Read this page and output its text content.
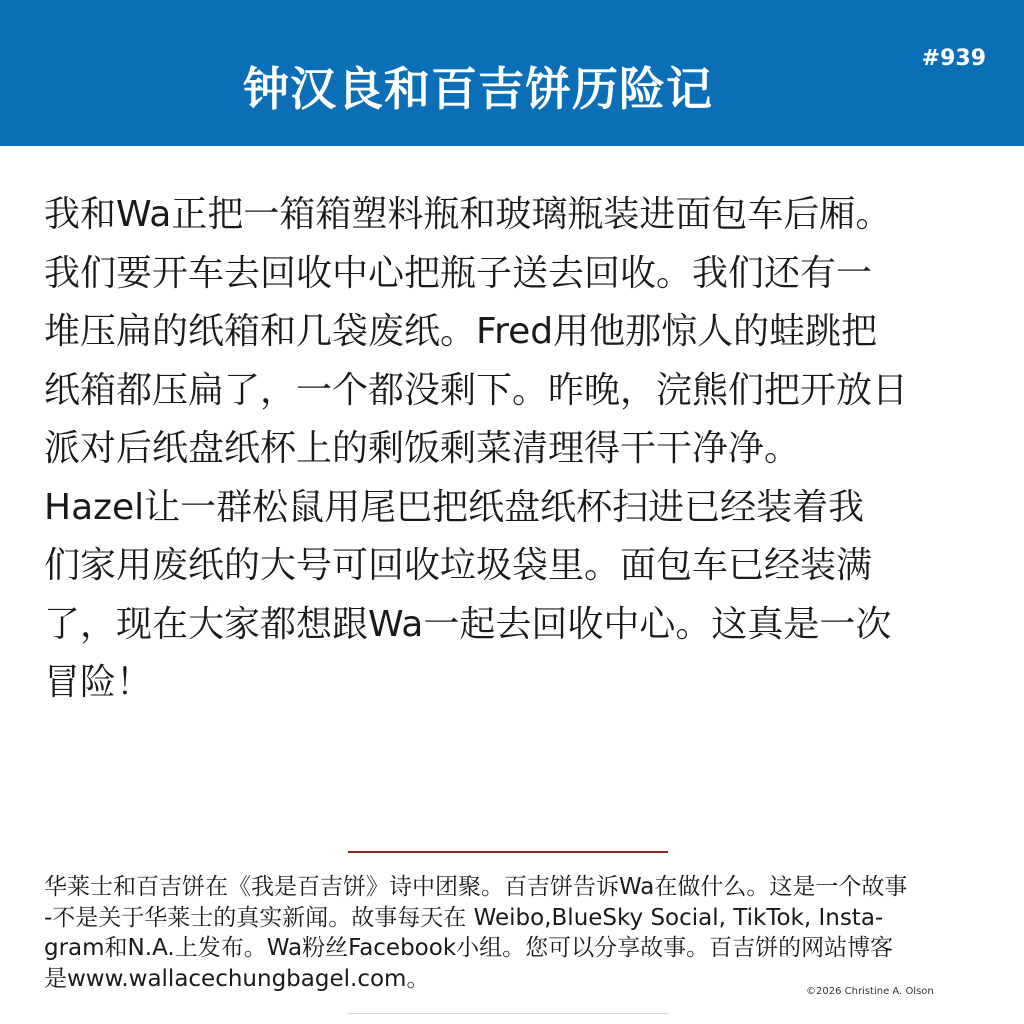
钟汉良和百吉饼历险记
#939

我和Wa正把一箱箱塑料瓶和玻璃瓶装进面包车后厢。
我们要开车去回收中心把瓶子送去回收。我们还有一
堆压扁的纸箱和几袋废纸。Fred用他那惊人的蛙跳把
纸箱都压扁了，一个都没剩下。昨晚，浣熊们把开放日
派对后纸盘纸杯上的剩饭剩菜清理得干干净净。
Hazel让一群松鼠用尾巴把纸盘纸杯扫进已经装着我
们家用废纸的大号可回收垃圾袋里。面包车已经装满
了，现在大家都想跟Wa一起去回收中心。这真是一次
冒险！

华莱士和百吉饼在《我是百吉饼》诗中团聚。百吉饼告诉Wa在做什么。这是一个故事
-不是关于华莱士的真实新闻。故事每天在 Weibo,BlueSky Social, TikTok, Insta-
gram和N.A.上发布。Wa粉丝Facebook小组。您可以分享故事。百吉饼的网站博客
是www.wallacechungbagel.com。	©2026 Christine A. Olson
